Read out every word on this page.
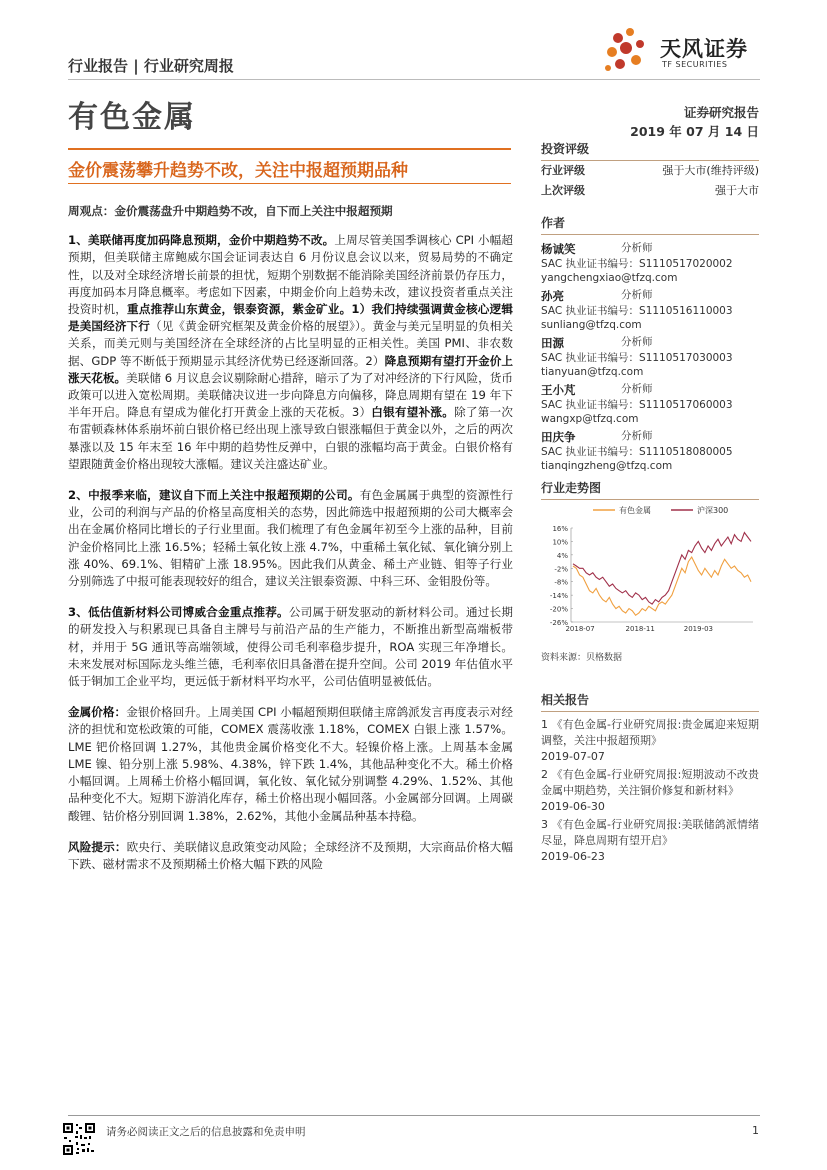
行业报告 | 行业研究周报
天风证券
TF SECURITIES
有色金属	证券研究报告
2019 年 07 月 14 日
金价震荡攀升趋势不改，关注中报超预期品种

周观点：金价震荡盘升中期趋势不改，自下而上关注中报超预期

1、美联储再度加码降息预期，金价中期趋势不改。上周尽管美国季调核心 CPI 小幅超预期，但美联储主席鲍威尔国会证词表达自 6 月份议息会议以来，贸易局势的不确定性，以及对全球经济增长前景的担忧，短期个别数据不能消除美国经济前景仍存压力，再度加码本月降息概率。考虑如下因素，中期金价向上趋势未改，建议投资者重点关注投资时机，重点推荐山东黄金，银泰资源，紫金矿业。1）我们持续强调黄金核心逻辑是美国经济下行（见《黄金研究框架及黄金价格的展望》）。黄金与美元呈明显的负相关关系，而美元则与美国经济在全球经济的占比呈明显的正相关性。美国 PMI、非农数据、GDP 等不断低于预期显示其经济优势已经逐渐回落。2）降息预期有望打开金价上涨天花板。美联储 6 月议息会议剔除耐心措辞，暗示了为了对冲经济的下行风险，货币政策可以进入宽松周期。美联储决议进一步向降息方向偏移，降息周期有望在 19 年下半年开启。降息有望成为催化打开黄金上涨的天花板。3）白银有望补涨。除了第一次布雷顿森林体系崩坏前白银价格已经出现上涨导致白银涨幅但于黄金以外，之后的两次暴涨以及 15 年末至 16 年中期的趋势性反弹中，白银的涨幅均高于黄金。白银价格有望跟随黄金价格出现较大涨幅。建议关注盛达矿业。

2、中报季来临，建议自下而上关注中报超预期的公司。有色金属属于典型的资源性行业，公司的利润与产品的价格呈高度相关的态势，因此筛选中报超预期的公司大概率会出在金属价格同比增长的子行业里面。我们梳理了有色金属年初至今上涨的品种，目前沪金价格同比上涨 16.5%；轻稀土氧化钕上涨 4.7%，中重稀土氧化铽、氧化镝分别上涨 40%、69.1%、钼精矿上涨 18.95%。因此我们从黄金、稀土产业链、钼等子行业分别筛选了中报可能表现较好的组合，建议关注银泰资源、中科三环、金钼股份等。

3、低估值新材料公司博威合金重点推荐。公司属于研发驱动的新材料公司。通过长期的研发投入与积累现已具备自主牌号与前沿产品的生产能力，不断推出新型高端板带材，并用于 5G 通讯等高端领域，使得公司毛利率稳步提升，ROA 实现三年净增长。未来发展对标国际龙头维兰德，毛利率依旧具备潜在提升空间。公司 2019 年估值水平低于铜加工企业平均，更远低于新材料平均水平，公司估值明显被低估。

金属价格：金银价格回升。上周美国 CPI 小幅超预期但联储主席鸽派发言再度表示对经济的担忧和宽松政策的可能，COMEX 震荡收涨 1.18%，COMEX 白银上涨 1.57%。LME 钯价格回调 1.27%，其他贵金属价格变化不大。轻镍价格上涨。上周基本金属 LME 镍、铅分别上涨 5.98%、4.38%，锌下跌 1.4%，其他品种变化不大。稀土价格小幅回调。上周稀土价格小幅回调，氧化钕、氧化铽分别调整 4.29%、1.52%、其他品种变化不大。短期下游消化库存，稀土价格出现小幅回落。小金属部分回调。上周碳酸锂、钴价格分别回调 1.38%，2.62%，其他小金属品种基本持稳。

风险提示：欧央行、美联储议息政策变动风险；全球经济不及预期，大宗商品价格大幅下跌、磁材需求不及预期稀土价格大幅下跌的风险

投资评级
行业评级	强于大市(维持评级)
上次评级	强于大市
作者
杨诚笑	分析师
SAC 执业证书编号：S1110517020002
yangchengxiao@tfzq.com
孙亮	分析师
SAC 执业证书编号：S1110516110003
sunliang@tfzq.com
田源	分析师
SAC 执业证书编号：S1110517030003
tianyuan@tfzq.com
王小芃	分析师
SAC 执业证书编号：S1110517060003
wangxp@tfzq.com
田庆争	分析师
SAC 执业证书编号：S1110518080005
tianqingzheng@tfzq.com
行业走势图
有色金属	沪深300
16%
10%
4%
-2%
-8%
-14%
-20%
-26%
2018-07	2018-11	2019-03
资料来源：贝格数据
相关报告
1 《有色金属-行业研究周报:贵金属迎来短期调整，关注中报超预期》
2019-07-07
2 《有色金属-行业研究周报:短期波动不改贵金属中期趋势，关注铜价修复和新材料》
2019-06-30
3 《有色金属-行业研究周报:美联储鸽派情绪尽显，降息周期有望开启》
2019-06-23
请务必阅读正文之后的信息披露和免责申明	1
